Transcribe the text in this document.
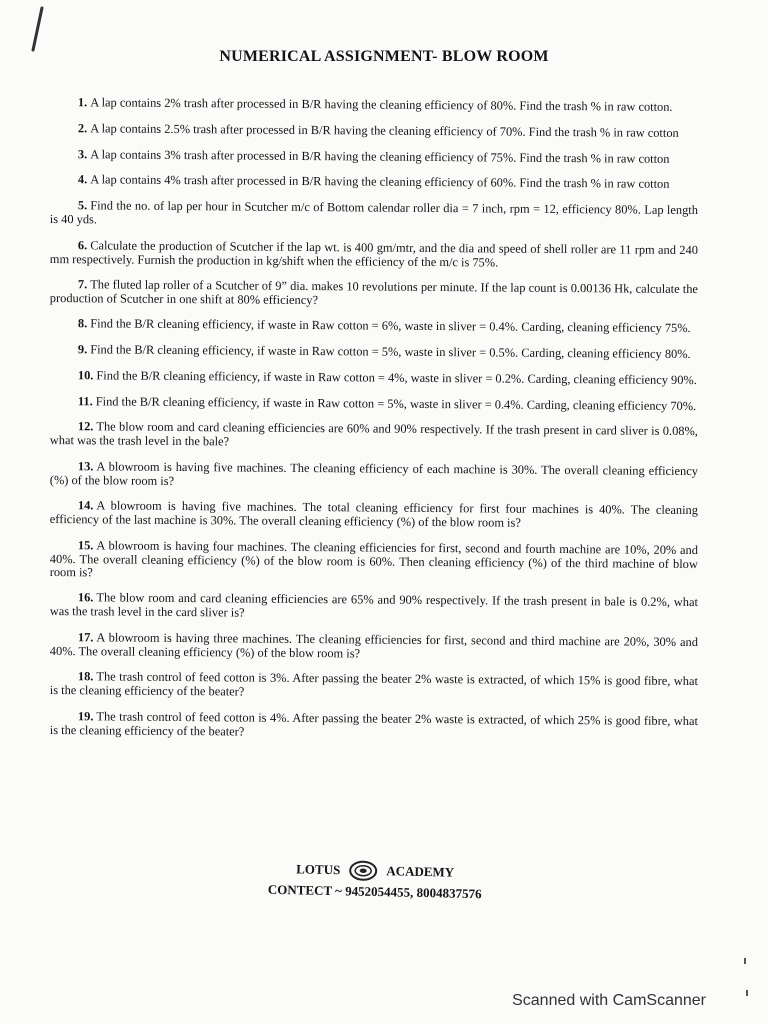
NUMERICAL ASSIGNMENT- BLOW ROOM
1. A lap contains 2% trash after processed in B/R having the cleaning efficiency of 80%. Find the trash % in raw cotton.
2. A lap contains 2.5% trash after processed in B/R having the cleaning efficiency of 70%. Find the trash % in raw cotton
3. A lap contains 3% trash after processed in B/R having the cleaning efficiency of 75%. Find the trash % in raw cotton
4. A lap contains 4% trash after processed in B/R having the cleaning efficiency of 60%. Find the trash % in raw cotton
5. Find the no. of lap per hour in Scutcher m/c of Bottom calendar roller dia = 7 inch, rpm = 12, efficiency 80%. Lap length is 40 yds.
6. Calculate the production of Scutcher if the lap wt. is 400 gm/mtr, and the dia and speed of shell roller are 11 rpm and 240 mm respectively. Furnish the production in kg/shift when the efficiency of the m/c is 75%.
7. The fluted lap roller of a Scutcher of 9” dia. makes 10 revolutions per minute. If the lap count is 0.00136 Hk, calculate the production of Scutcher in one shift at 80% efficiency?
8. Find the B/R cleaning efficiency, if waste in Raw cotton = 6%, waste in sliver = 0.4%. Carding, cleaning efficiency 75%.
9. Find the B/R cleaning efficiency, if waste in Raw cotton = 5%, waste in sliver = 0.5%. Carding, cleaning efficiency 80%.
10. Find the B/R cleaning efficiency, if waste in Raw cotton = 4%, waste in sliver = 0.2%. Carding, cleaning efficiency 90%.
11. Find the B/R cleaning efficiency, if waste in Raw cotton = 5%, waste in sliver = 0.4%. Carding, cleaning efficiency 70%.
12. The blow room and card cleaning efficiencies are 60% and 90% respectively. If the trash present in card sliver is 0.08%, what was the trash level in the bale?
13. A blowroom is having five machines. The cleaning efficiency of each machine is 30%. The overall cleaning efficiency (%) of the blow room is?
14. A blowroom is having five machines. The total cleaning efficiency for first four machines is 40%. The cleaning efficiency of the last machine is 30%. The overall cleaning efficiency (%) of the blow room is?
15. A blowroom is having four machines. The cleaning efficiencies for first, second and fourth machine are 10%, 20% and 40%. The overall cleaning efficiency (%) of the blow room is 60%. Then cleaning efficiency (%) of the third machine of blow room is?
16. The blow room and card cleaning efficiencies are 65% and 90% respectively. If the trash present in bale is 0.2%, what was the trash level in the card sliver is?
17. A blowroom is having three machines. The cleaning efficiencies for first, second and third machine are 20%, 30% and 40%. The overall cleaning efficiency (%) of the blow room is?
18. The trash control of feed cotton is 3%. After passing the beater 2% waste is extracted, of which 15% is good fibre, what is the cleaning efficiency of the beater?
19. The trash control of feed cotton is 4%. After passing the beater 2% waste is extracted, of which 25% is good fibre, what is the cleaning efficiency of the beater?
LOTUS	ACADEMY
CONTECT ~ 9452054455, 8004837576
Scanned with CamScanner
